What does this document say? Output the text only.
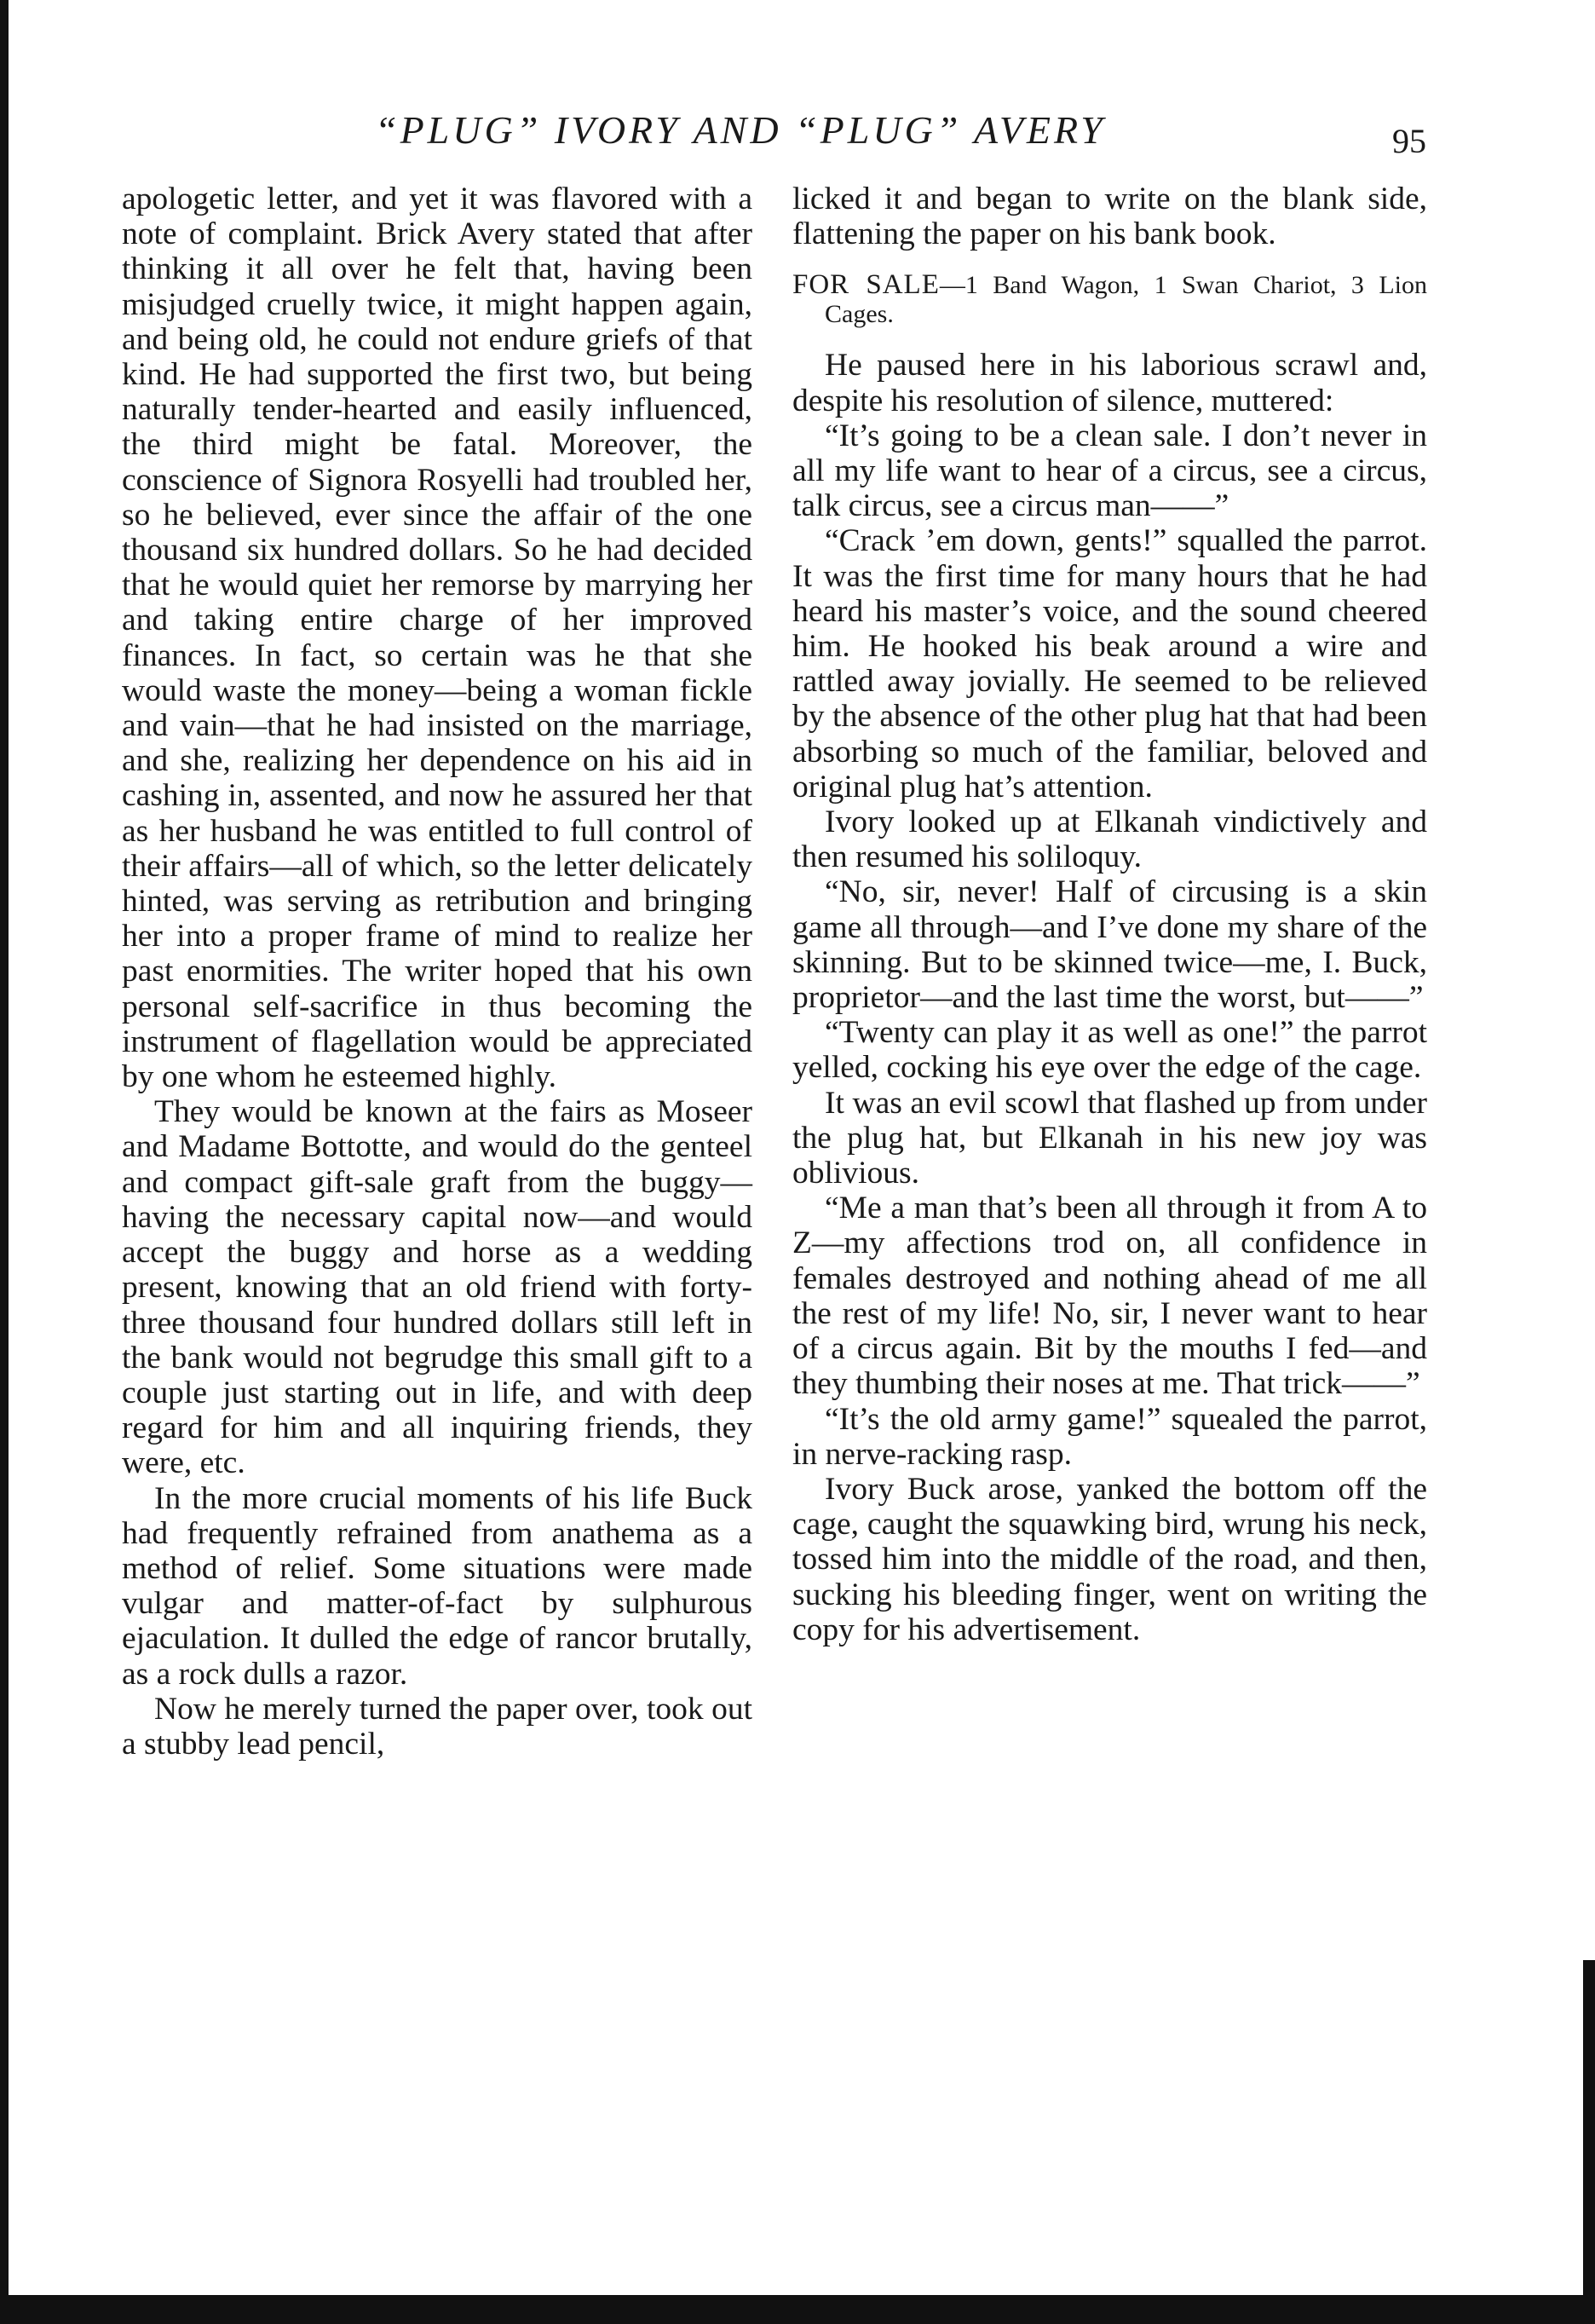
“PLUG” IVORY AND “PLUG” AVERY	95

apologetic letter, and yet it was flavored with a note of complaint. Brick Avery stated that after thinking it all over he felt that, having been misjudged cruelly twice, it might happen again, and being old, he could not endure griefs of that kind. He had supported the first two, but being naturally tender-hearted and easily influenced, the third might be fatal. Moreover, the conscience of Signora Rosyelli had troubled her, so he believed, ever since the affair of the one thousand six hundred dollars. So he had decided that he would quiet her remorse by marrying her and taking entire charge of her improved finances. In fact, so certain was he that she would waste the money—being a woman fickle and vain—that he had insisted on the marriage, and she, realizing her dependence on his aid in cashing in, assented, and now he assured her that as her husband he was entitled to full control of their affairs—all of which, so the letter delicately hinted, was serving as retribution and bringing her into a proper frame of mind to realize her past enormities. The writer hoped that his own personal self-sacrifice in thus becoming the instrument of flagellation would be appreciated by one whom he esteemed highly.

They would be known at the fairs as Moseer and Madame Bottotte, and would do the genteel and compact gift-sale graft from the buggy—having the necessary capital now—and would accept the buggy and horse as a wedding present, knowing that an old friend with forty-three thousand four hundred dollars still left in the bank would not begrudge this small gift to a couple just starting out in life, and with deep regard for him and all inquiring friends, they were, etc.

In the more crucial moments of his life Buck had frequently refrained from anathema as a method of relief. Some situations were made vulgar and matter-of-fact by sulphurous ejaculation. It dulled the edge of rancor brutally, as a rock dulls a razor.

Now he merely turned the paper over, took out a stubby lead pencil,

licked it and began to write on the blank side, flattening the paper on his bank book.

FOR SALE—1 Band Wagon, 1 Swan Chariot, 3 Lion Cages.

He paused here in his laborious scrawl and, despite his resolution of silence, muttered:

“It’s going to be a clean sale. I don’t never in all my life want to hear of a circus, see a circus, talk circus, see a circus man——”

“Crack ’em down, gents!” squalled the parrot. It was the first time for many hours that he had heard his master’s voice, and the sound cheered him. He hooked his beak around a wire and rattled away jovially. He seemed to be relieved by the absence of the other plug hat that had been absorbing so much of the familiar, beloved and original plug hat’s attention.

Ivory looked up at Elkanah vindictively and then resumed his soliloquy.

“No, sir, never! Half of circusing is a skin game all through—and I’ve done my share of the skinning. But to be skinned twice—me, I. Buck, proprietor—and the last time the worst, but——”

“Twenty can play it as well as one!” the parrot yelled, cocking his eye over the edge of the cage.

It was an evil scowl that flashed up from under the plug hat, but Elkanah in his new joy was oblivious.

“Me a man that’s been all through it from A to Z—my affections trod on, all confidence in females destroyed and nothing ahead of me all the rest of my life! No, sir, I never want to hear of a circus again. Bit by the mouths I fed—and they thumbing their noses at me. That trick——”

“It’s the old army game!” squealed the parrot, in nerve-racking rasp.

Ivory Buck arose, yanked the bottom off the cage, caught the squawking bird, wrung his neck, tossed him into the middle of the road, and then, sucking his bleeding finger, went on writing the copy for his advertisement.
